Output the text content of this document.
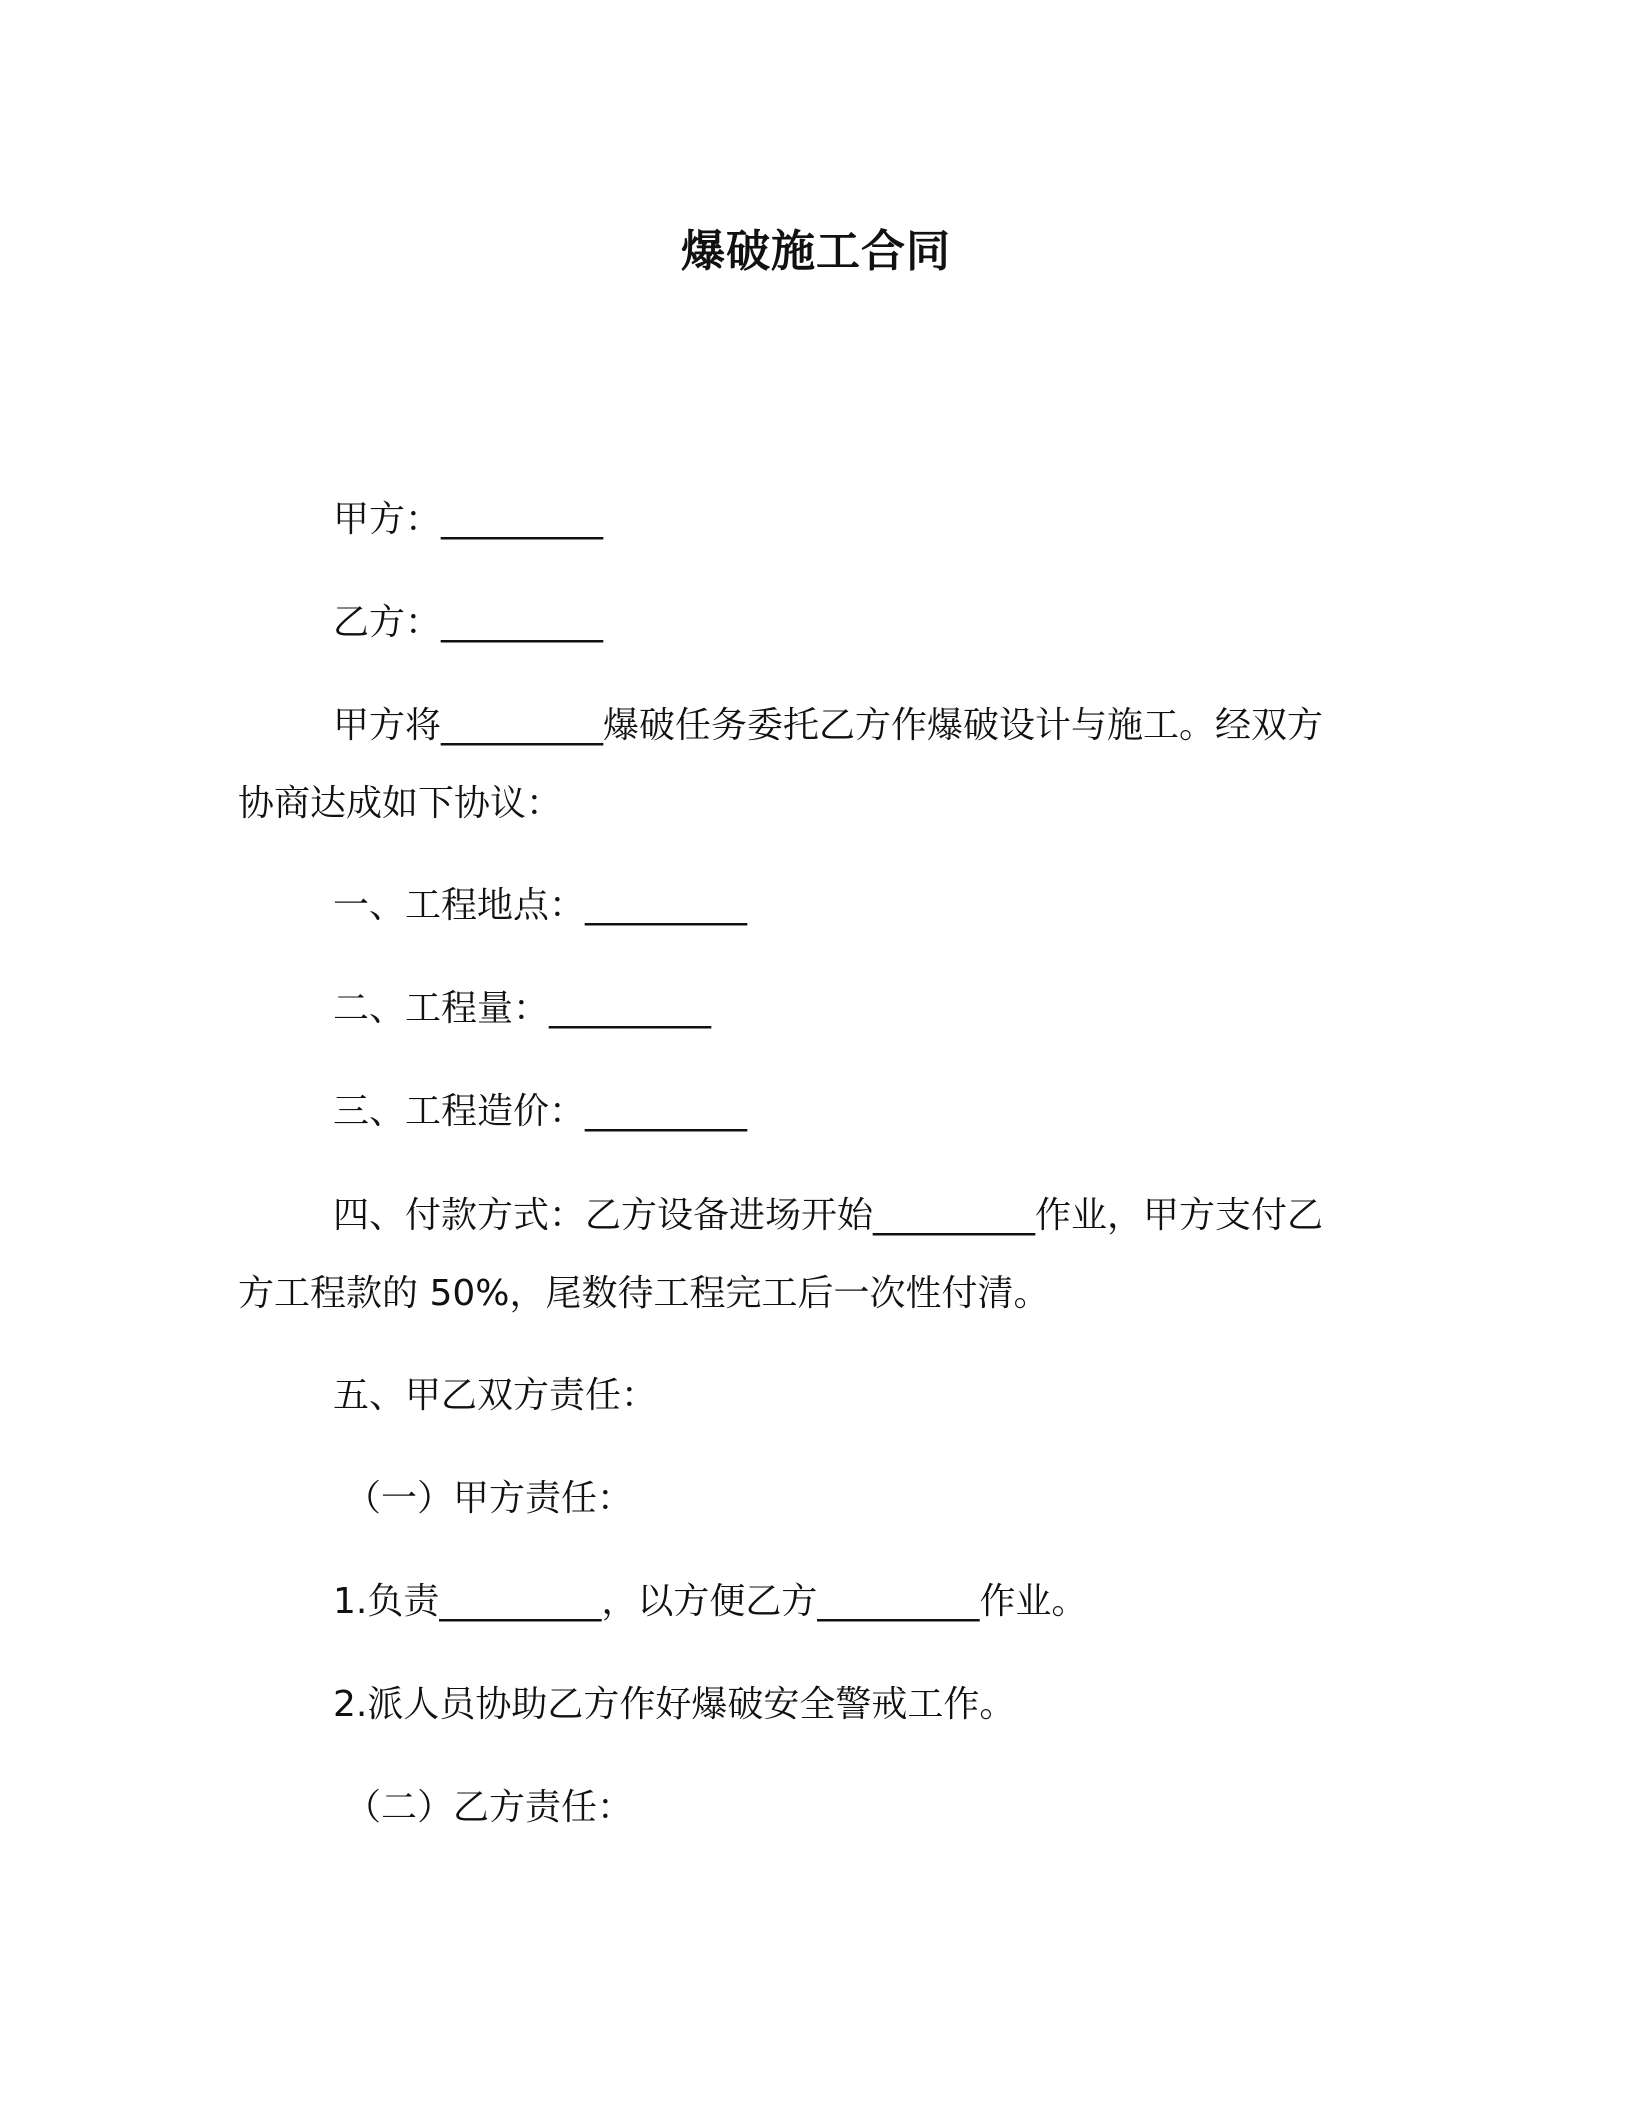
爆破施工合同
甲方：_________
乙方：_________
甲方将_________爆破任务委托乙方作爆破设计与施工。经双方
协商达成如下协议：
一、工程地点：_________
二、工程量：_________
三、工程造价：_________
四、付款方式：乙方设备进场开始_________作业，甲方支付乙
方工程款的 50%，尾数待工程完工后一次性付清。
五、甲乙双方责任：
（一）甲方责任：
1.负责_________，以方便乙方_________作业。
2.派人员协助乙方作好爆破安全警戒工作。
（二）乙方责任：
